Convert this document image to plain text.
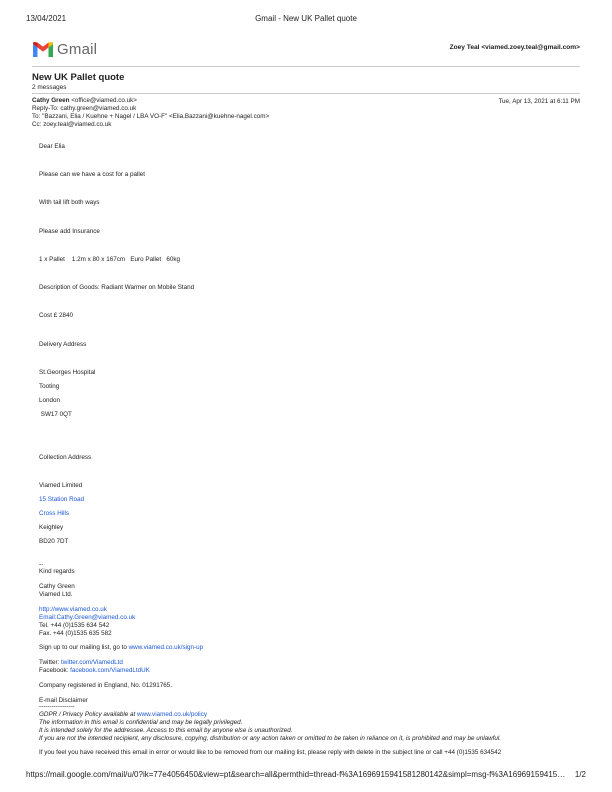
13/04/2021	Gmail - New UK Pallet quote
Gmail	Zoey Teal <viamed.zoey.teal@gmail.com>
New UK Pallet quote
2 messages
Cathy Green <office@viamed.co.uk>	Tue, Apr 13, 2021 at 6:11 PM
Reply-To: cathy.green@viamed.co.uk
To: "Bazzani, Elia / Kuehne + Nagel / LBA VO-F" <Elia.Bazzani@kuehne-nagel.com>
Cc: zoey.teal@viamed.co.uk
Dear Elia
Please can we have a cost for a pallet
With tail lift both ways
Please add Insurance
1 x Pallet    1.2m x 80 x 167cm   Euro Pallet   60kg
Description of Goods: Radiant Warmer on Mobile Stand
Cost £ 2840
Delivery Address
St.Georges Hospital
Tooting
London
SW17 0QT
Collection Address
Viamed Limited
15 Station Road
Cross Hills
Keighley
BD20 7DT
--
Kind regards
Cathy Green
Viamed Ltd.
http://www.viamed.co.uk
Email:Cathy.Green@viamed.co.uk
Tel. +44 (0)1535 634 542
Fax. +44 (0)1535 635 582
Sign up to our mailing list, go to www.viamed.co.uk/sign-up
Twitter: twitter.com/ViamedLtd
Facebook: facebook.com/ViamedLtdUK
Company registered in England, No. 01291765.
E-mail Disclaimer
-----------------
GDPR / Privacy Policy available at www.viamed.co.uk/policy
The information in this email is confidential and may be legally privileged.
It is intended solely for the addressee. Access to this email by anyone else is unauthorized.
If you are not the intended recipient, any disclosure, copying, distribution or any action taken or omitted to be taken in reliance on it, is prohibited and may be unlawful.
If you feel you have received this email in error or would like to be removed from our mailing list, please reply with delete in the subject line or call +44 (0)1535 634542
https://mail.google.com/mail/u/0?ik=77e4056450&view=pt&search=all&permthid=thread-f%3A1696915941581280142&simpl=msg-f%3A16969159415… 1/2
